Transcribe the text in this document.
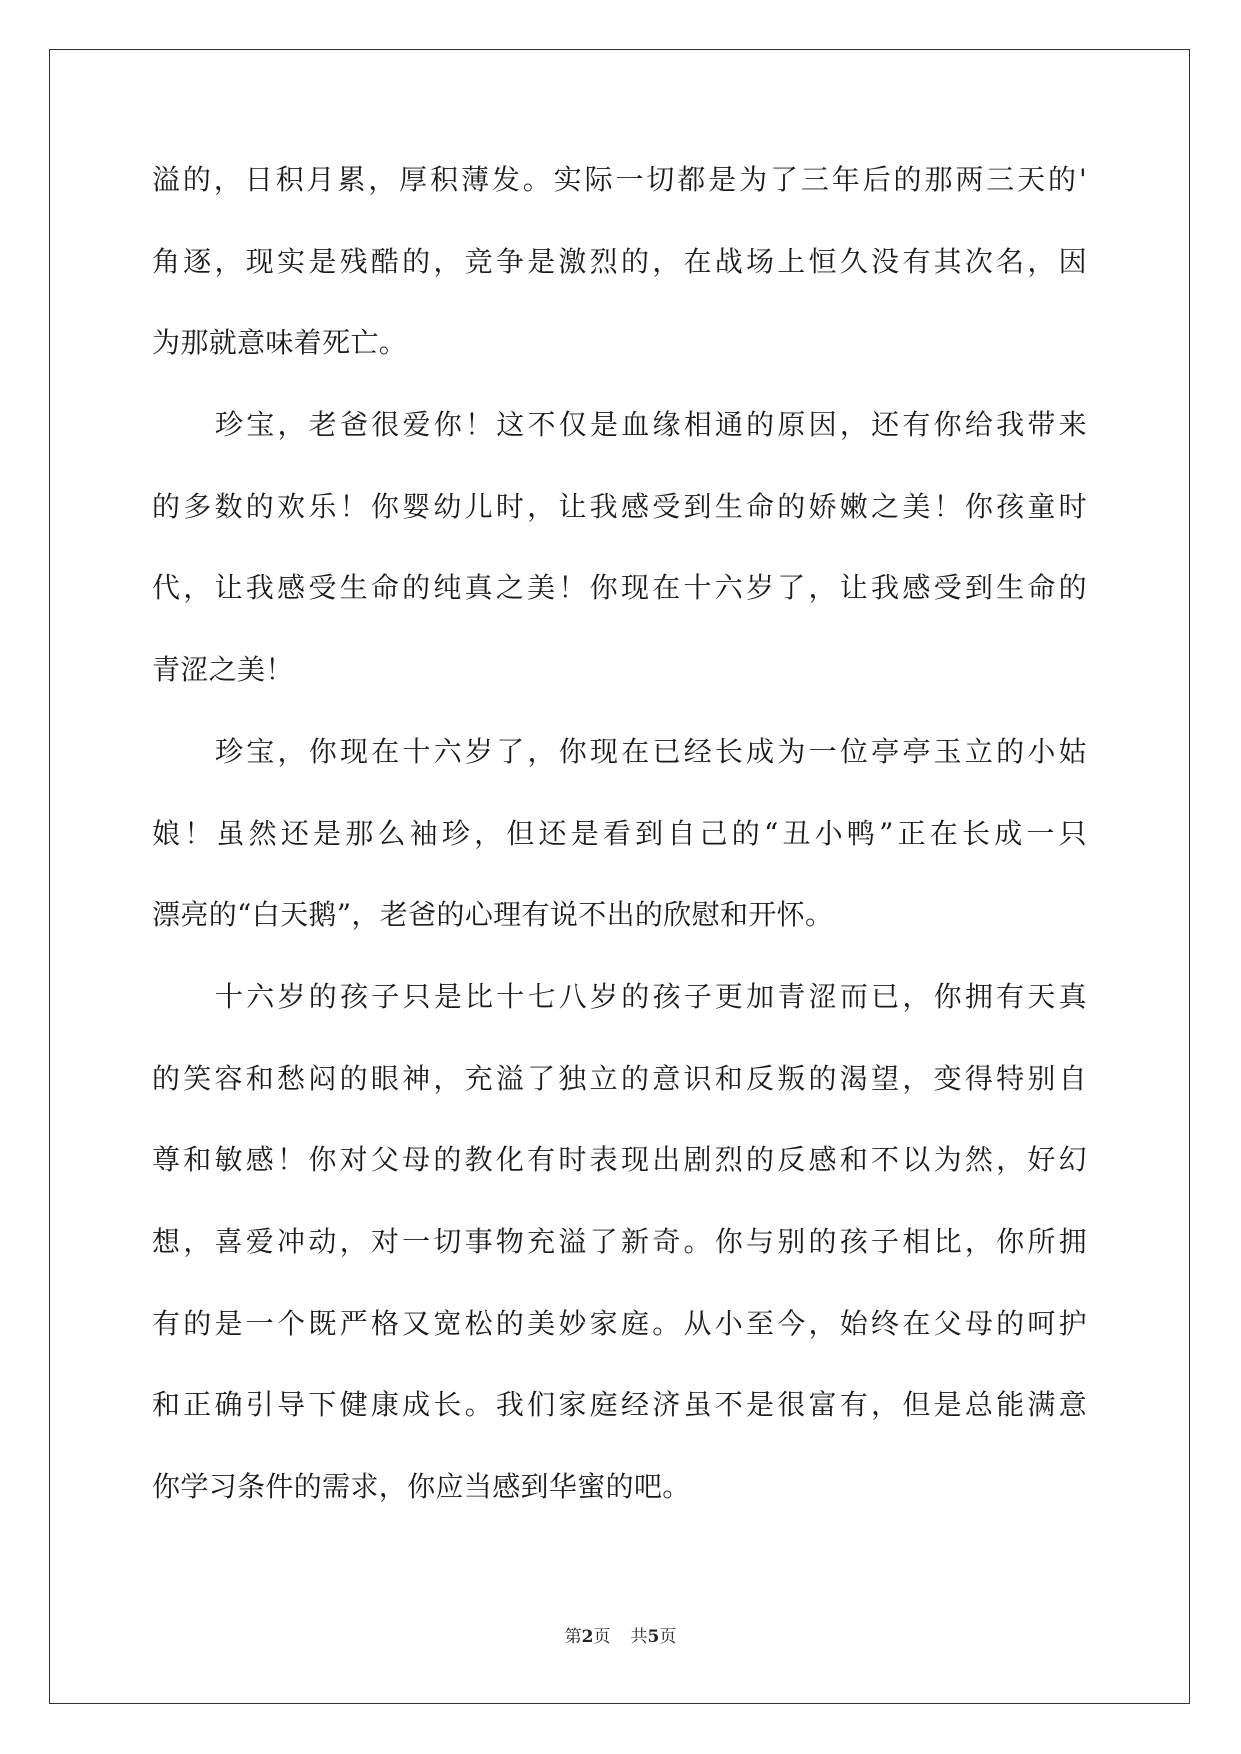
溢的，日积月累，厚积薄发。实际一切都是为了三年后的那两三天的'
角逐，现实是残酷的，竞争是激烈的，在战场上恒久没有其次名，因
为那就意味着死亡。
珍宝，老爸很爱你！这不仅是血缘相通的原因，还有你给我带来
的多数的欢乐！你婴幼儿时，让我感受到生命的娇嫩之美！你孩童时
代，让我感受生命的纯真之美！你现在十六岁了，让我感受到生命的
青涩之美！
珍宝，你现在十六岁了，你现在已经长成为一位亭亭玉立的小姑
娘！虽然还是那么袖珍，但还是看到自己的“丑小鸭”正在长成一只
漂亮的“白天鹅”，老爸的心理有说不出的欣慰和开怀。
十六岁的孩子只是比十七八岁的孩子更加青涩而已，你拥有天真
的笑容和愁闷的眼神，充溢了独立的意识和反叛的渴望，变得特别自
尊和敏感！你对父母的教化有时表现出剧烈的反感和不以为然，好幻
想，喜爱冲动，对一切事物充溢了新奇。你与别的孩子相比，你所拥
有的是一个既严格又宽松的美妙家庭。从小至今，始终在父母的呵护
和正确引导下健康成长。我们家庭经济虽不是很富有，但是总能满意
你学习条件的需求，你应当感到华蜜的吧。
第2页 共5页
